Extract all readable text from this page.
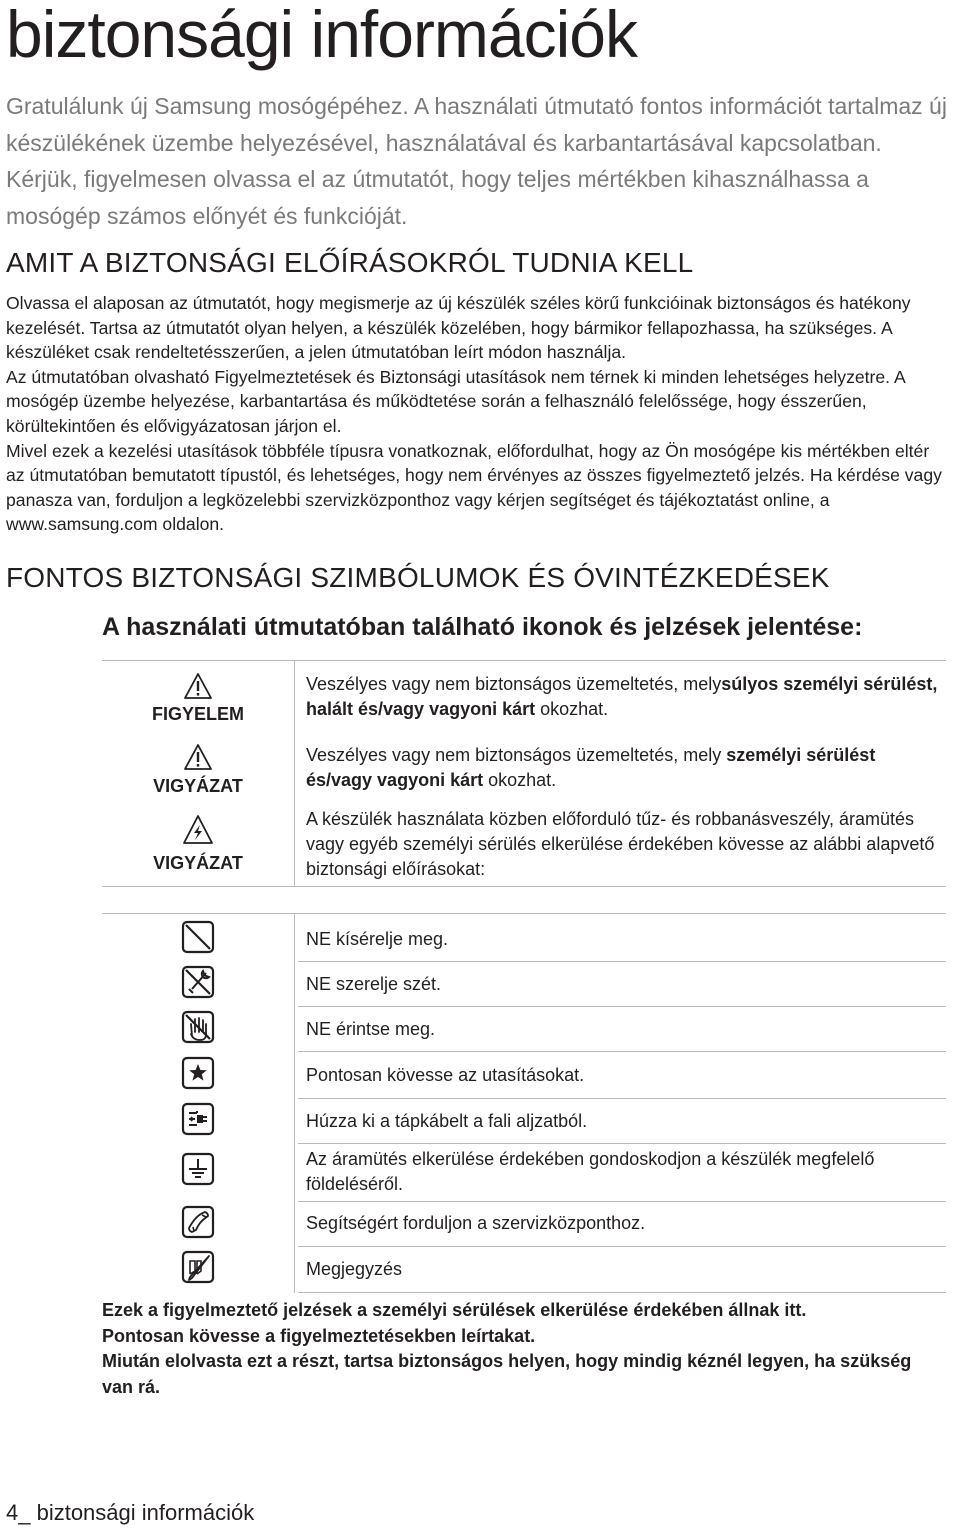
biztonsági információk

Gratulálunk új Samsung mosógépéhez. A használati útmutató fontos információt tartalmaz új készülékének üzembe helyezésével, használatával és karbantartásával kapcsolatban. Kérjük, figyelmesen olvassa el az útmutatót, hogy teljes mértékben kihasználhassa a mosógép számos előnyét és funkcióját.

AMIT A BIZTONSÁGI ELŐÍRÁSOKRÓL TUDNIA KELL

Olvassa el alaposan az útmutatót, hogy megismerje az új készülék széles körű funkcióinak biztonságos és hatékony kezelését. Tartsa az útmutatót olyan helyen, a készülék közelében, hogy bármikor fellapozhassa, ha szükséges. A készüléket csak rendeltetésszerűen, a jelen útmutatóban leírt módon használja.

Az útmutatóban olvasható Figyelmeztetések és Biztonsági utasítások nem térnek ki minden lehetséges helyzetre. A mosógép üzembe helyezése, karbantartása és működtetése során a felhasználó felelőssége, hogy ésszerűen, körültekintően és elővigyázatosan járjon el.

Mivel ezek a kezelési utasítások többféle típusra vonatkoznak, előfordulhat, hogy az Ön mosógépe kis mértékben eltér az útmutatóban bemutatott típustól, és lehetséges, hogy nem érvényes az összes figyelmeztető jelzés. Ha kérdése vagy panasza van, forduljon a legközelebbi szervizközponthoz vagy kérjen segítséget és tájékoztatást online, a www.samsung.com oldalon.

FONTOS BIZTONSÁGI SZIMBÓLUMOK ÉS ÓVINTÉZKEDÉSEK
A használati útmutatóban található ikonok és jelzések jelentése:
FIGYELEM

Veszélyes vagy nem biztonságos üzemeltetés, melysúlyos személyi sérülést, halált és/vagy vagyoni kárt okozhat.

VIGYÁZAT

Veszélyes vagy nem biztonságos üzemeltetés, mely személyi sérülést és/vagy vagyoni kárt okozhat.

VIGYÁZAT

A készülék használata közben előforduló tűz- és robbanásveszély, áramütés vagy egyéb személyi sérülés elkerülése érdekében kövesse az alábbi alapvető biztonsági előírásokat:

NE kísérelje meg.

NE szerelje szét.

NE érintse meg.

Pontosan kövesse az utasításokat.

Húzza ki a tápkábelt a fali aljzatból.

Az áramütés elkerülése érdekében gondoskodjon a készülék megfelelő földeléséről.

Segítségért forduljon a szervizközponthoz.

Megjegyzés

Ezek a figyelmeztető jelzések a személyi sérülések elkerülése érdekében állnak itt.

Pontosan kövesse a figyelmeztetésekben leírtakat.

Miután elolvasta ezt a részt, tartsa biztonságos helyen, hogy mindig kéznél legyen, ha szükség van rá.

4_ biztonsági információk
